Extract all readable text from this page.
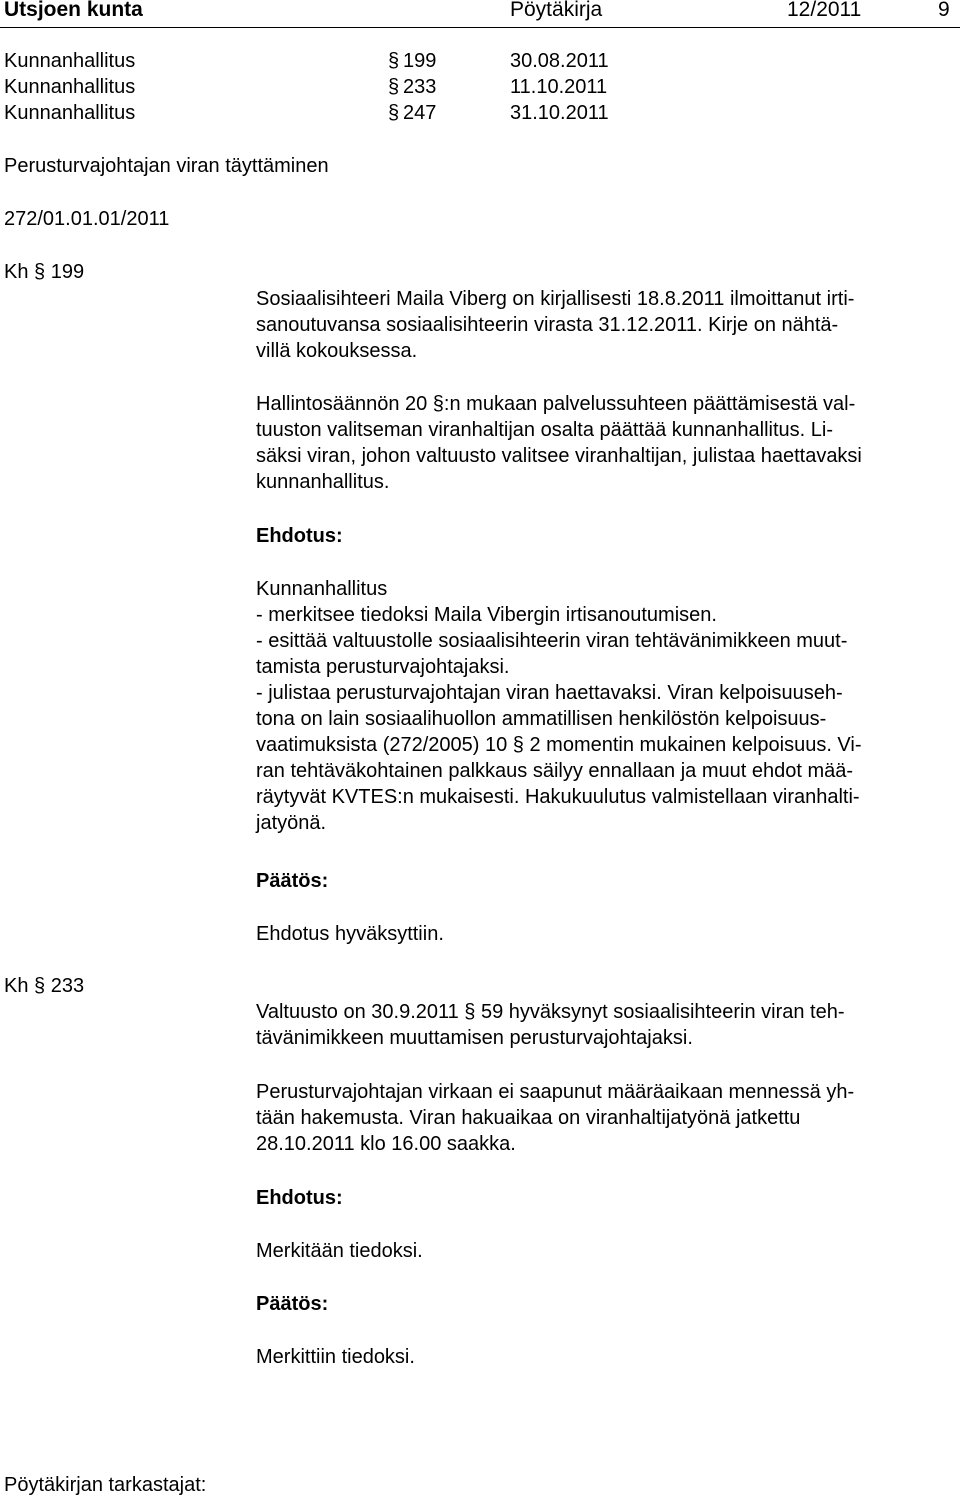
Utsjoen kunta	Pöytäkirja	12/2011	9
Kunnanhallitus	§ 199	30.08.2011
Kunnanhallitus	§ 233	11.10.2011
Kunnanhallitus	§ 247	31.10.2011
Perusturvajohtajan viran täyttäminen
272/01.01.01/2011
Kh § 199

Sosiaalisihteeri Maila Viberg on kirjallisesti 18.8.2011 ilmoittanut irti-

sanoutuvansa sosiaalisihteerin virasta 31.12.2011. Kirje on nähtä-

villä kokouksessa.

Hallintosäännön 20 §:n mukaan palvelussuhteen päättämisestä val-

tuuston valitseman viranhaltijan osalta päättää kunnanhallitus. Li-

säksi viran, johon valtuusto valitsee viranhaltijan, julistaa haettavaksi

kunnanhallitus.

Ehdotus:

Kunnanhallitus

- merkitsee tiedoksi Maila Vibergin irtisanoutumisen.

- esittää valtuustolle sosiaalisihteerin viran tehtävänimikkeen muut-

tamista perusturvajohtajaksi.

- julistaa perusturvajohtajan viran haettavaksi. Viran kelpoisuuseh-

tona on lain sosiaalihuollon ammatillisen henkilöstön kelpoisuus-

vaatimuksista (272/2005) 10 § 2 momentin mukainen kelpoisuus. Vi-

ran tehtäväkohtainen palkkaus säilyy ennallaan ja muut ehdot mää-

räytyvät KVTES:n mukaisesti. Hakukuulutus valmistellaan viranhalti-

jatyönä.

Päätös:
Ehdotus hyväksyttiin.
Kh § 233

Valtuusto on 30.9.2011 § 59 hyväksynyt sosiaalisihteerin viran teh-

tävänimikkeen muuttamisen perusturvajohtajaksi.

Perusturvajohtajan virkaan ei saapunut määräaikaan mennessä yh-

tään hakemusta. Viran hakuaikaa on viranhaltijatyönä jatkettu

28.10.2011 klo 16.00 saakka.

Ehdotus:
Merkitään tiedoksi.
Päätös:
Merkittiin tiedoksi.
Pöytäkirjan tarkastajat:
